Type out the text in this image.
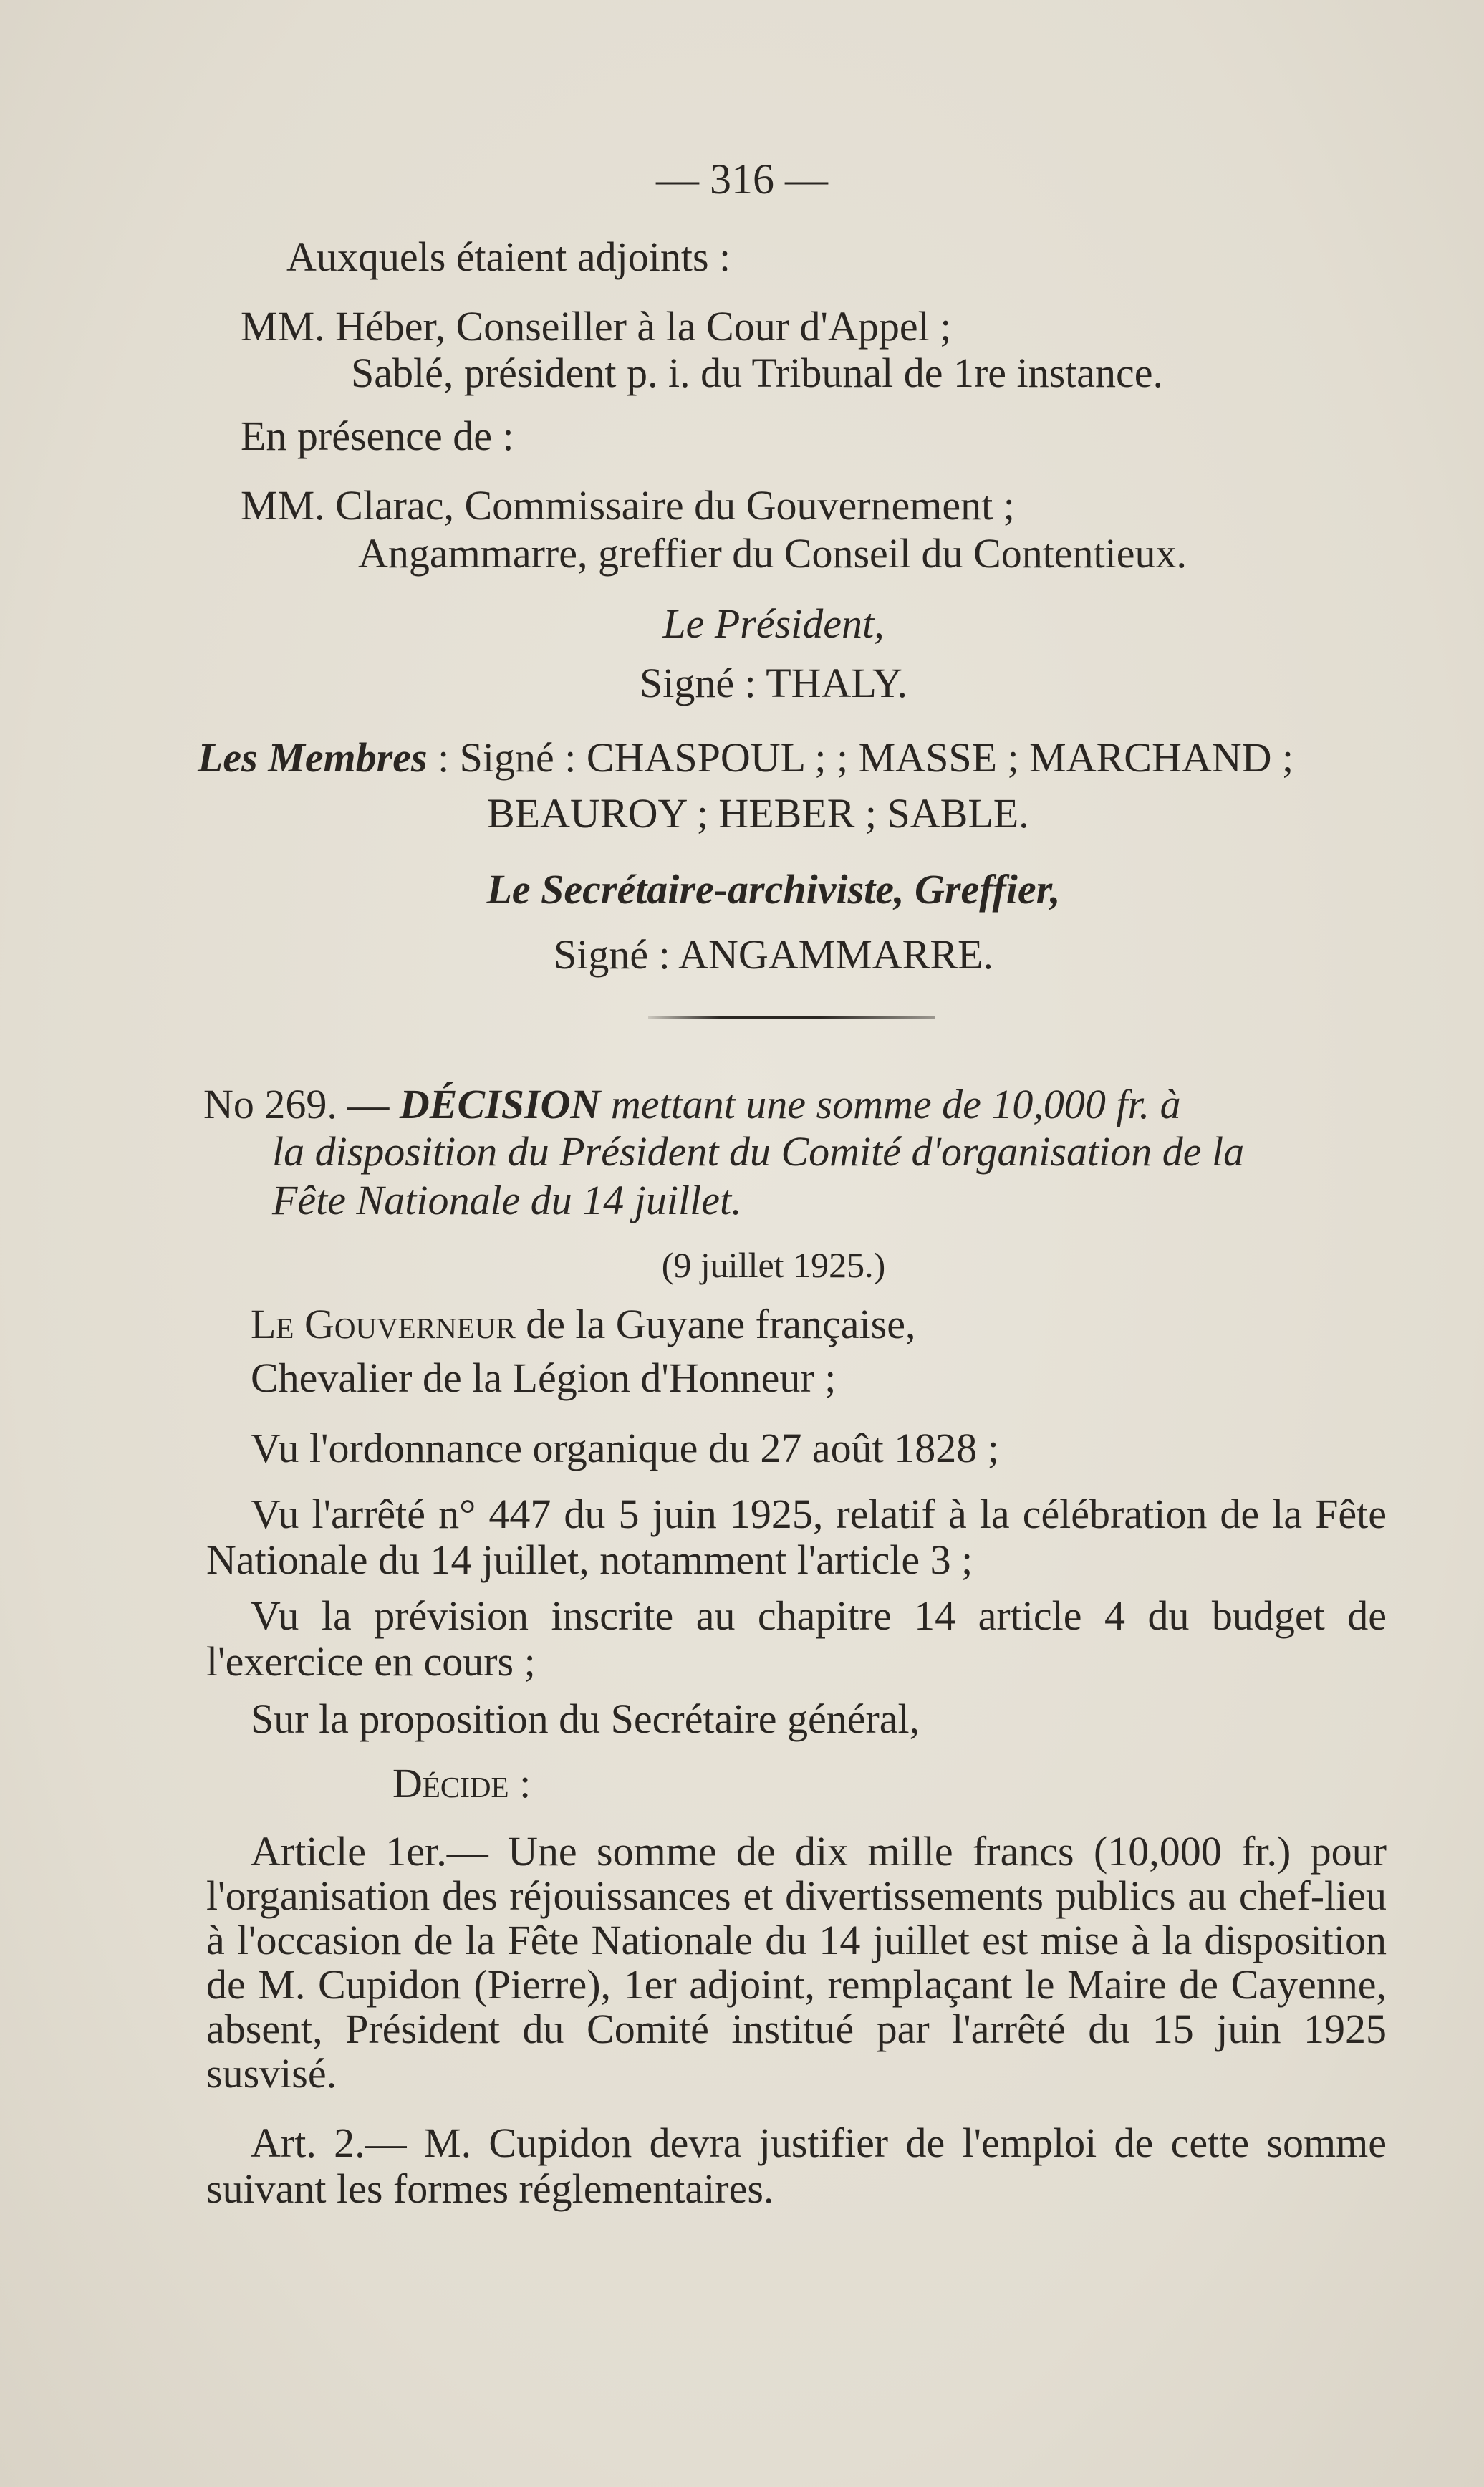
— 316 —
Auxquels étaient adjoints :
MM. Héber, Conseiller à la Cour d'Appel ;
Sablé, président p. i. du Tribunal de 1re instance.
En présence de :
MM. Clarac, Commissaire du Gouvernement ;
Angammarre, greffier du Conseil du Contentieux.
Le Président,
Signé : THALY.
Les Membres : Signé : CHASPOUL ; ; MASSE ; MARCHAND ;
BEAUROY ; HEBER ; SABLE.
Le Secrétaire-archiviste, Greffier,
Signé : ANGAMMARRE.
No 269. — DÉCISION mettant une somme de 10,000 fr. à
la disposition du Président du Comité d'organisation de la
Fête Nationale du 14 juillet.
(9 juillet 1925.)
Le Gouverneur de la Guyane française,
Chevalier de la Légion d'Honneur ;
Vu l'ordonnance organique du 27 août 1828 ;
Vu l'arrêté n° 447 du 5 juin 1925, relatif à la célébration de la Fête Nationale du 14 juillet, notamment l'article 3 ;
Vu la prévision inscrite au chapitre 14 article 4 du budget de l'exercice en cours ;
Sur la proposition du Secrétaire général,
Décide :
Article 1er.— Une somme de dix mille francs (10,000 fr.) pour l'organisation des réjouissances et divertissements publics au chef-lieu à l'occasion de la Fête Nationale du 14 juillet est mise à la disposition de M. Cupidon (Pierre), 1er adjoint, remplaçant le Maire de Cayenne, absent, Président du Comité institué par l'arrêté du 15 juin 1925 susvisé.
Art. 2.— M. Cupidon devra justifier de l'emploi de cette somme suivant les formes réglementaires.
